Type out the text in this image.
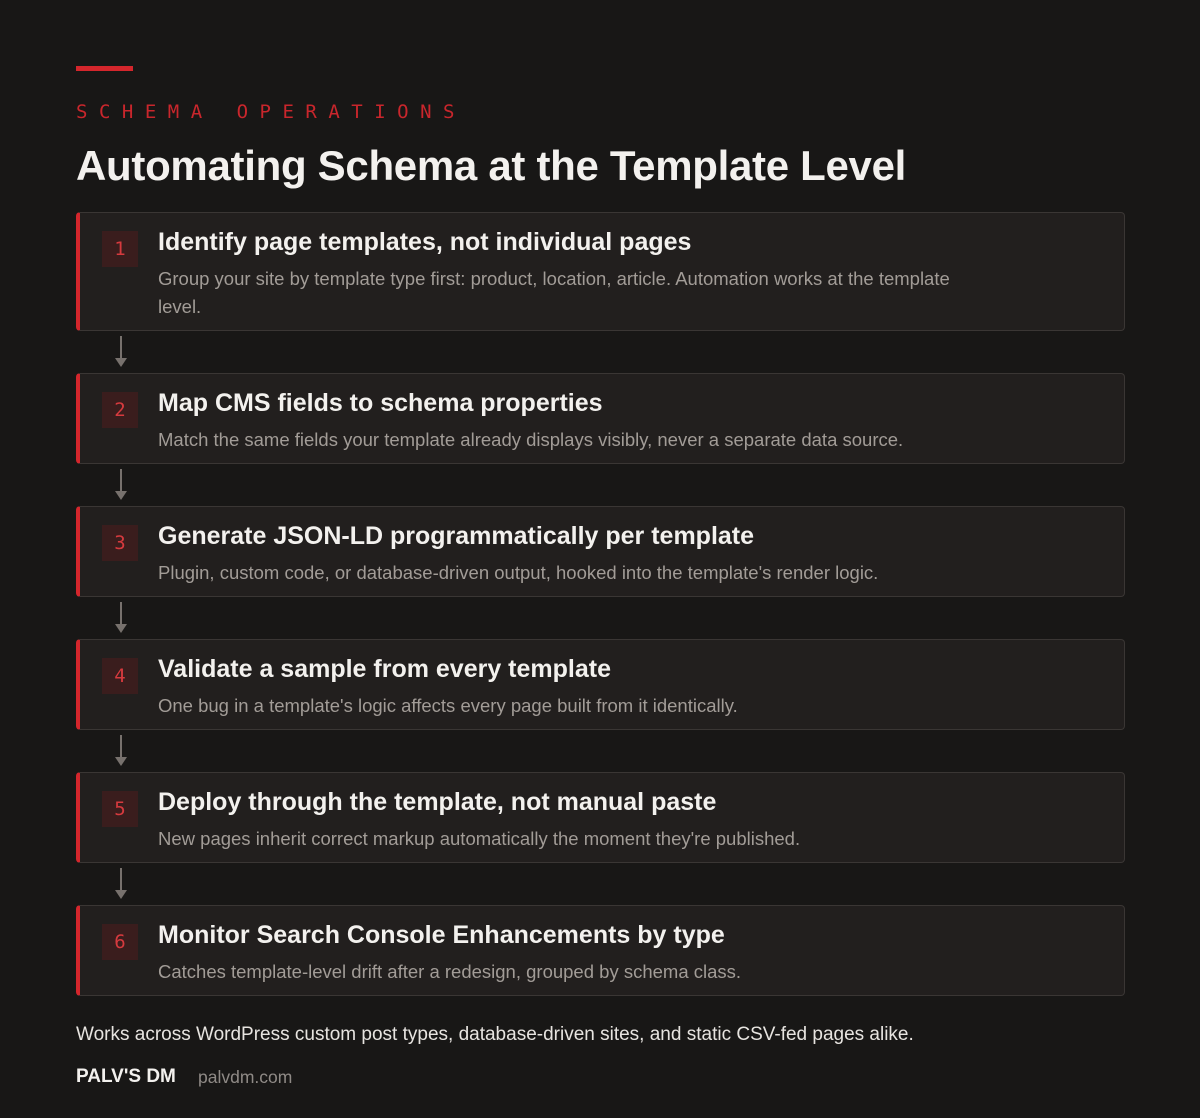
SCHEMA OPERATIONS
Automating Schema at the Template Level
1	Identify page templates, not individual pages
Group your site by template type first: product, location, article. Automation works at the template level.
2	Map CMS fields to schema properties
Match the same fields your template already displays visibly, never a separate data source.
3	Generate JSON-LD programmatically per template
Plugin, custom code, or database-driven output, hooked into the template's render logic.
4	Validate a sample from every template
One bug in a template's logic affects every page built from it identically.
5	Deploy through the template, not manual paste
New pages inherit correct markup automatically the moment they're published.
6	Monitor Search Console Enhancements by type
Catches template-level drift after a redesign, grouped by schema class.
Works across WordPress custom post types, database-driven sites, and static CSV-fed pages alike.
PALV'S DM palvdm.com
